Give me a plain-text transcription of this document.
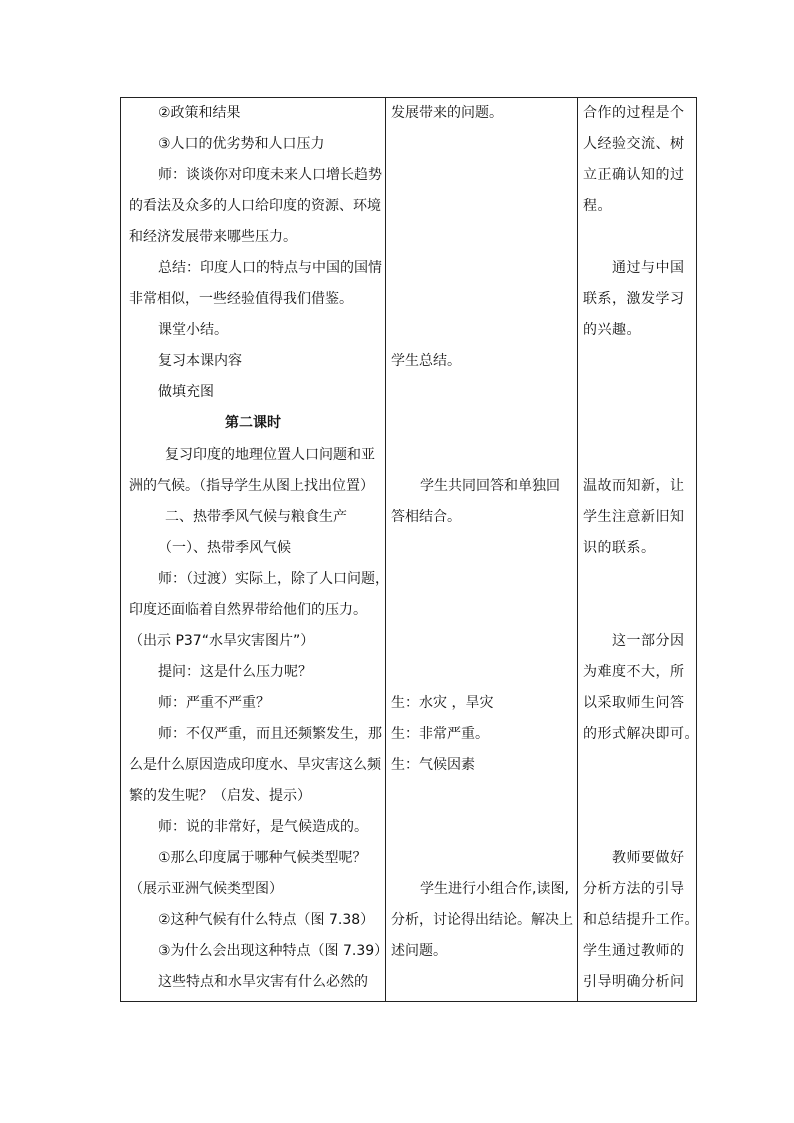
②政策和结果
③人口的优劣势和人口压力
师：谈谈你对印度未来人口增长趋势
的看法及众多的人口给印度的资源、环境
和经济发展带来哪些压力。
总结：印度人口的特点与中国的国情
非常相似，一些经验值得我们借鉴。
课堂小结。
复习本课内容
做填充图
第二课时
复习印度的地理位置人口问题和亚
洲的气候。（指导学生从图上找出位置）
二、热带季风气候与粮食生产
（一）、热带季风气候
师：（过渡）实际上，除了人口问题，
印度还面临着自然界带给他们的压力。
（出示 P37“水旱灾害图片”）
提问：这是什么压力呢？
师：严重不严重？
师：不仅严重，而且还频繁发生，那
么是什么原因造成印度水、旱灾害这么频
繁的发生呢？（启发、提示）
师：说的非常好，是气候造成的。
①那么印度属于哪种气候类型呢？
（展示亚洲气候类型图）
②这种气候有什么特点（图 7.38）
③为什么会出现这种特点（图 7.39）
这些特点和水旱灾害有什么必然的
发展带来的问题。
学生总结。
学生共同回答和单独回
答相结合。
生：水灾 ，旱灾
生：非常严重。
生：气候因素
学生进行小组合作,读图,
分析，讨论得出结论。解决上
述问题。
合作的过程是个
人经验交流、树
立正确认知的过
程。
通过与中国
联系，激发学习
的兴趣。
温故而知新，让
学生注意新旧知
识的联系。
这一部分因
为难度不大，所
以采取师生问答
的形式解决即可。
教师要做好
分析方法的引导
和总结提升工作。
学生通过教师的
引导明确分析问
